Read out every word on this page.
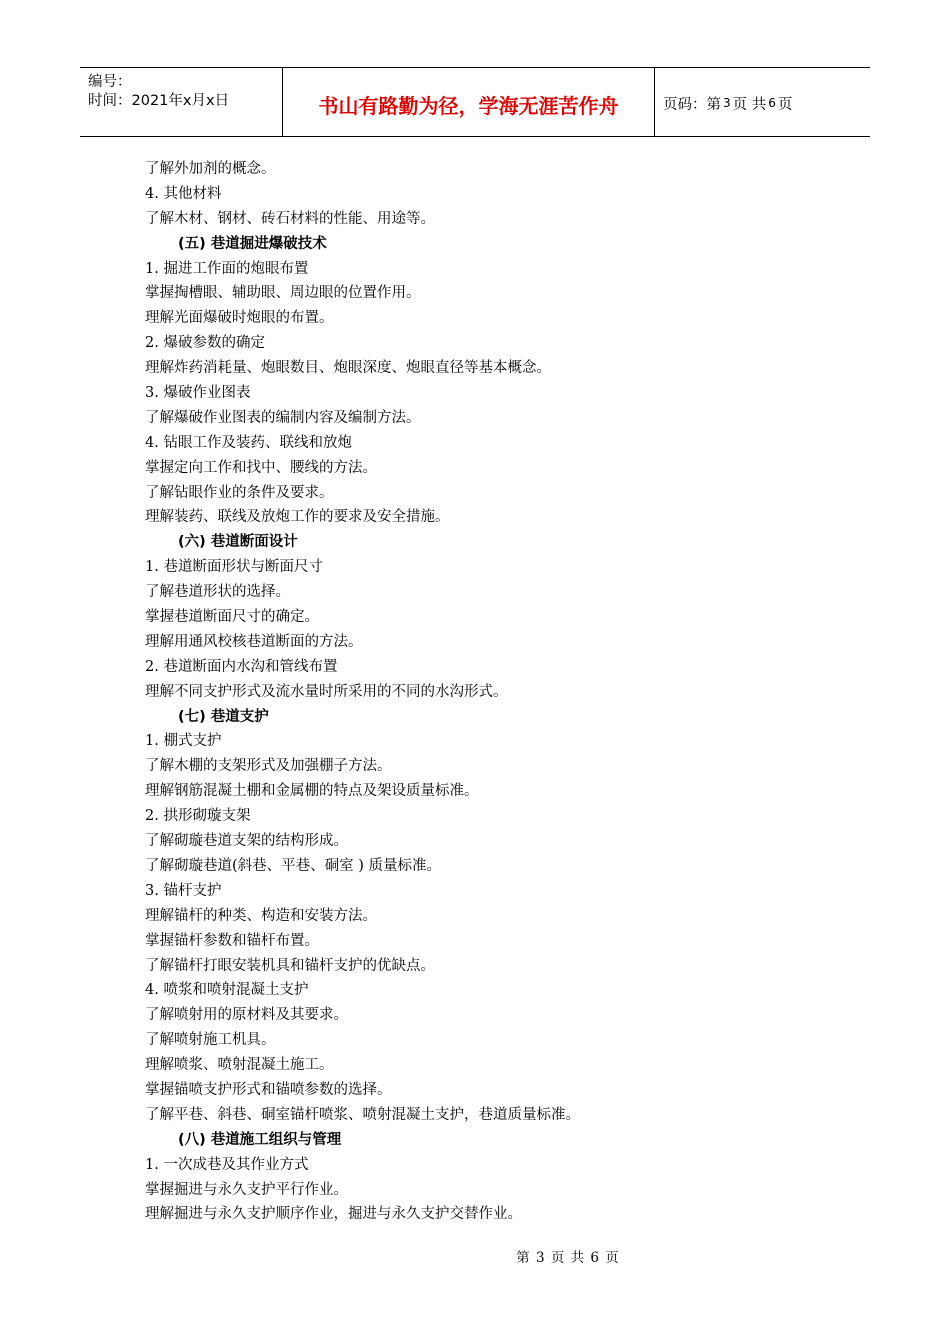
编号：
时间：2021年x月x日	书山有路勤为径，学海无涯苦作舟	页码：第 3 页 共 6 页
了解外加剂的概念。
4. 其他材料
了解木材、钢材、砖石材料的性能、用途等。
(五) 巷道掘进爆破技术
1. 掘进工作面的炮眼布置
掌握掏槽眼、辅助眼、周边眼的位置作用。
理解光面爆破时炮眼的布置。
2. 爆破参数的确定
理解炸药消耗量、炮眼数目、炮眼深度、炮眼直径等基本概念。
3. 爆破作业图表
了解爆破作业图表的编制内容及编制方法。
4. 钻眼工作及装药、联线和放炮
掌握定向工作和找中、腰线的方法。
了解钻眼作业的条件及要求。
理解装药、联线及放炮工作的要求及安全措施。
(六) 巷道断面设计
1. 巷道断面形状与断面尺寸
了解巷道形状的选择。
掌握巷道断面尺寸的确定。
理解用通风校核巷道断面的方法。
2. 巷道断面内水沟和管线布置
理解不同支护形式及流水量时所采用的不同的水沟形式。
(七) 巷道支护
1. 棚式支护
了解木棚的支架形式及加强棚子方法。
理解钢筋混凝土棚和金属棚的特点及架设质量标准。
2. 拱形砌璇支架
了解砌璇巷道支架的结构形成。
了解砌璇巷道(斜巷、平巷、硐室 ) 质量标准。
3. 锚杆支护
理解锚杆的种类、构造和安装方法。
掌握锚杆参数和锚杆布置。
了解锚杆打眼安装机具和锚杆支护的优缺点。
4. 喷浆和喷射混凝土支护
了解喷射用的原材料及其要求。
了解喷射施工机具。
理解喷浆、喷射混凝土施工。
掌握锚喷支护形式和锚喷参数的选择。
了解平巷、斜巷、硐室锚杆喷浆、喷射混凝土支护，巷道质量标准。
(八) 巷道施工组织与管理
1. 一次成巷及其作业方式
掌握掘进与永久支护平行作业。
理解掘进与永久支护顺序作业，掘进与永久支护交替作业。
第 3 页 共 6 页
